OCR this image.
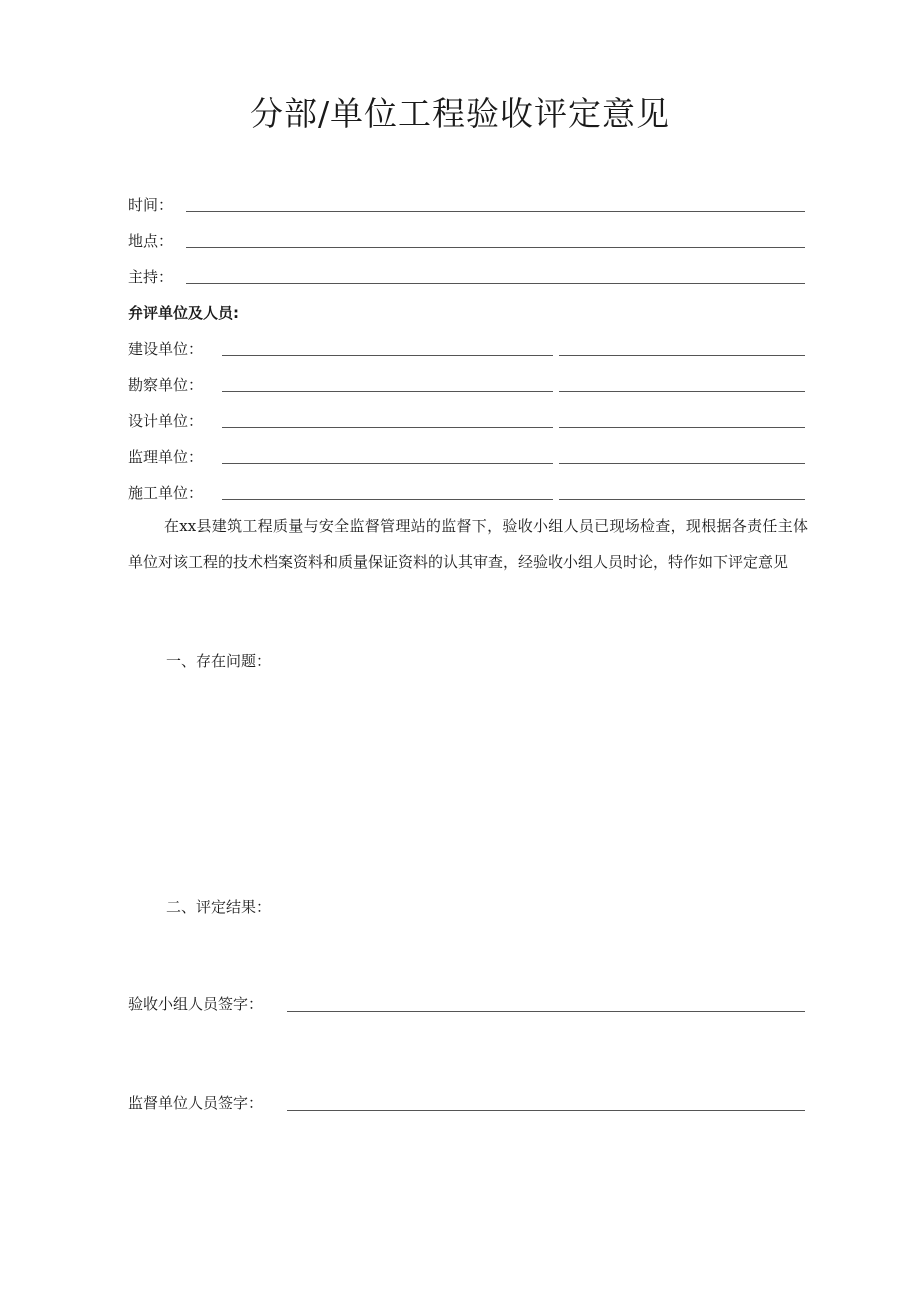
分部/单位工程验收评定意见
时间：
地点：
主持：
弁评单位及人员:
建设单位：
勘察单位：
设计单位：
监理单位：
施工单位：

在xx县建筑工程质量与安全监督管理站的监督下，验收小组人员已现场检查，现根据各责任主体单位对该工程的技术档案资料和质量保证资料的认其审查，经验收小组人员时论，特作如下评定意见

一、存在问题：
二、评定结果：
验收小组人员签字：
监督单位人员签字：
